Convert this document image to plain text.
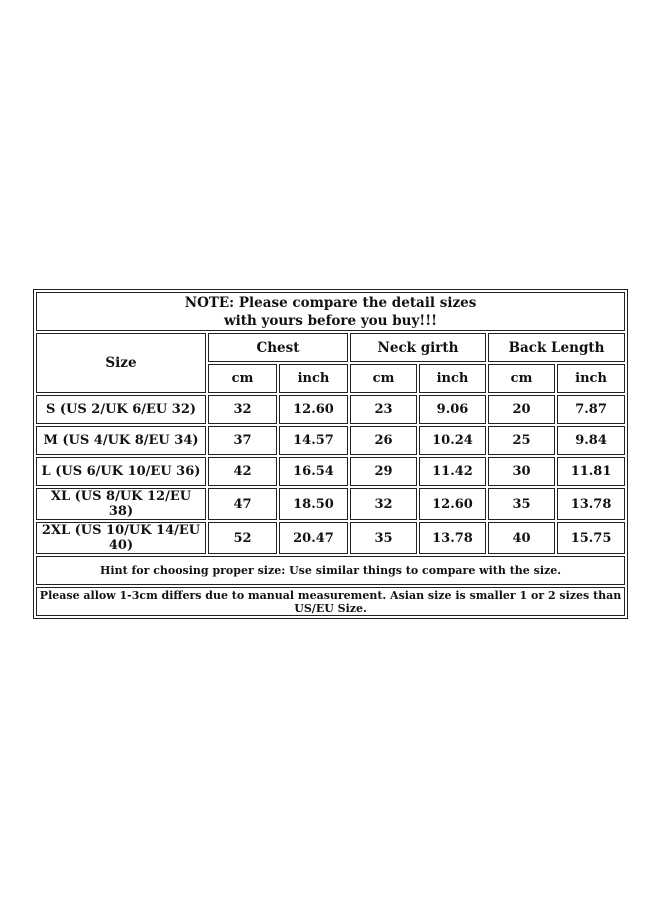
NOTE: Please compare the detail sizes
with yours before you buy!!!						

Size	Chest		Neck girth		Back Length	
	cm	inch	cm	inch	cm	inch
S (US 2/UK 6/EU 32)	32	12.60	23	9.06	20	7.87
M (US 4/UK 8/EU 34)	37	14.57	26	10.24	25	9.84
L (US 6/UK 10/EU 36)	42	16.54	29	11.42	30	11.81
XL (US 8/UK 12/EU 38)	47	18.50	32	12.60	35	13.78
2XL (US 10/UK 14/EU 40)	52	20.47	35	13.78	40	15.75
Hint for choosing proper size: Use similar things to compare with the size.						
Please allow 1-3cm differs due to manual measurement. Asian size is smaller 1 or 2 sizes than US/EU Size.						
